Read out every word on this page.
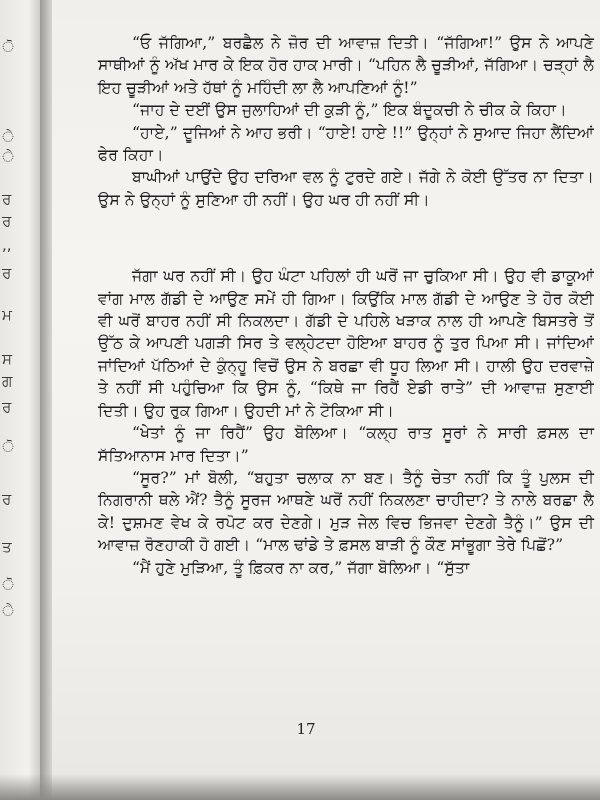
ੋ
ੇ
ੇ
ਰ
ਰ
,,
ਰ
ਮ
ਸ
ਗ
ਰ
ੋ
ਰ
ਤ
ੋ
ੇ

“ਓ ਜੱਗਿਆ,” ਬਰਛੈਲ ਨੇ ਜ਼ੋਰ ਦੀ ਆਵਾਜ਼ ਦਿਤੀ। “ਜੱਗਿਆ!” ਉਸ ਨੇ ਆਪਣੇ ਸਾਥੀਆਂ ਨੂੰ ਅੱਖ ਮਾਰ ਕੇ ਇਕ ਹੋਰ ਹਾਕ ਮਾਰੀ। “ਪਹਿਨ ਲੈ ਚੂੜੀਆਂ, ਜੱਗਿਆ। ਚੜ੍ਹਾਂ ਲੈ ਇਹ ਚੂੜੀਆਂ ਅਤੇ ਹੱਥਾਂ ਨੂੰ ਮਹਿੰਦੀ ਲਾ ਲੈ ਆਪਣਿਆਂ ਨੂੰ!”

“ਜਾਹ ਦੇ ਦਈਂ ਉਸ ਜੁਲਾਹਿਆਂ ਦੀ ਕੁੜੀ ਨੂੰ,” ਇਕ ਬੰਦੂਕਚੀ ਨੇ ਚੀਕ ਕੇ ਕਿਹਾ।

“ਹਾਏ,” ਦੂਜਿਆਂ ਨੇ ਆਹ ਭਰੀ। “ਹਾਏ! ਹਾਏ !!” ਉਨ੍ਹਾਂ ਨੇ ਸੁਆਦ ਜਿਹਾ ਲੈਂਦਿਆਂ ਫੇਰ ਕਿਹਾ।

ਬਾਘੀਆਂ ਪਾਉਂਦੇ ਉਹ ਦਰਿਆ ਵਲ ਨੂੰ ਟੁਰਦੇ ਗਏ। ਜੱਗੇ ਨੇ ਕੋਈ ਉੱਤਰ ਨਾ ਦਿਤਾ। ਉਸ ਨੇ ਉਨ੍ਹਾਂ ਨੂੰ ਸੁਣਿਆ ਹੀ ਨਹੀਂ। ਉਹ ਘਰ ਹੀ ਨਹੀਂ ਸੀ।

ਜੱਗਾ ਘਰ ਨਹੀਂ ਸੀ। ਉਹ ਘੰਟਾ ਪਹਿਲਾਂ ਹੀ ਘਰੋਂ ਜਾ ਚੁਕਿਆ ਸੀ। ਉਹ ਵੀ ਡਾਕੂਆਂ ਵਾਂਗ ਮਾਲ ਗੱਡੀ ਦੇ ਆਉਣ ਸਮੇਂ ਹੀ ਗਿਆ। ਕਿਉਂਕਿ ਮਾਲ ਗੱਡੀ ਦੇ ਆਉਣ ਤੇ ਹੋਰ ਕੋਈ ਵੀ ਘਰੋਂ ਬਾਹਰ ਨਹੀਂ ਸੀ ਨਿਕਲਦਾ। ਗੱਡੀ ਦੇ ਪਹਿਲੇ ਖੜਾਕ ਨਾਲ ਹੀ ਆਪਣੇ ਬਿਸਤਰੇ ਤੋਂ ਉੱਠ ਕੇ ਆਪਣੀ ਪਗੜੀ ਸਿਰ ਤੇ ਵਲ੍ਹੇਟਦਾ ਹੋਇਆ ਬਾਹਰ ਨੂੰ ਤੁਰ ਪਿਆ ਸੀ। ਜਾਂਦਿਆਂ ਜਾਂਦਿਆਂ ਪੱਠਿਆਂ ਦੇ ਕੁੰਨ੍ਹੂ ਵਿਚੋਂ ਉਸ ਨੇ ਬਰਛਾ ਵੀ ਧੂਹ ਲਿਆ ਸੀ। ਹਾਲੀ ਉਹ ਦਰਵਾਜ਼ੇ ਤੇ ਨਹੀਂ ਸੀ ਪਹੁੰਚਿਆ ਕਿ ਉਸ ਨੂੰ, “ਕਿਥੇ ਜਾ ਰਿਹੈਂ ਏਡੀ ਰਾਤੇ” ਦੀ ਆਵਾਜ਼ ਸੁਣਾਈ ਦਿਤੀ। ਉਹ ਰੁਕ ਗਿਆ। ਉਹਦੀ ਮਾਂ ਨੇ ਟੋਕਿਆ ਸੀ।

“ਖੇਤਾਂ ਨੂੰ ਜਾ ਰਿਹੈਂ” ਉਹ ਬੋਲਿਆ। “ਕਲ੍ਹ ਰਾਤ ਸੂਰਾਂ ਨੇ ਸਾਰੀ ਫ਼ਸਲ ਦਾ ਸੱਤਿਆਨਾਸ ਮਾਰ ਦਿਤਾ।”

“ਸੂਰ?” ਮਾਂ ਬੋਲੀ, “ਬਹੁਤਾ ਚਲਾਕ ਨਾ ਬਣ। ਤੈਨੂੰ ਚੇਤਾ ਨਹੀਂ ਕਿ ਤੂੰ ਪੁਲਸ ਦੀ ਨਿਗਰਾਨੀ ਥਲੇ ਐਂ? ਤੈਨੂੰ ਸੂਰਜ ਆਥਣੇ ਘਰੋਂ ਨਹੀਂ ਨਿਕਲਣਾ ਚਾਹੀਦਾ? ਤੇ ਨਾਲੇ ਬਰਛਾ ਲੈ ਕੇ! ਦੁਸ਼ਮਣ ਵੇਖ ਕੇ ਰਪੋਟ ਕਰ ਦੇਣਗੇ। ਮੁੜ ਜੇਲ ਵਿਚ ਭਿਜਵਾ ਦੇਣਗੇ ਤੈਨੂੰ।” ਉਸ ਦੀ ਆਵਾਜ਼ ਰੋਣਹਾਕੀ ਹੋ ਗਈ। “ਮਾਲ ਢਾਂਡੇ ਤੇ ਫ਼ਸਲ ਬਾੜੀ ਨੂੰ ਕੌਣ ਸਾਂਭੂਗਾ ਤੇਰੇ ਪਿਛੋਂ?”

“ਮੈਂ ਹੁਣੇ ਮੁੜਿਆ, ਤੂੰ ਫ਼ਿਕਰ ਨਾ ਕਰ,” ਜੱਗਾ ਬੋਲਿਆ। “ਸੁੱਤਾ

17
